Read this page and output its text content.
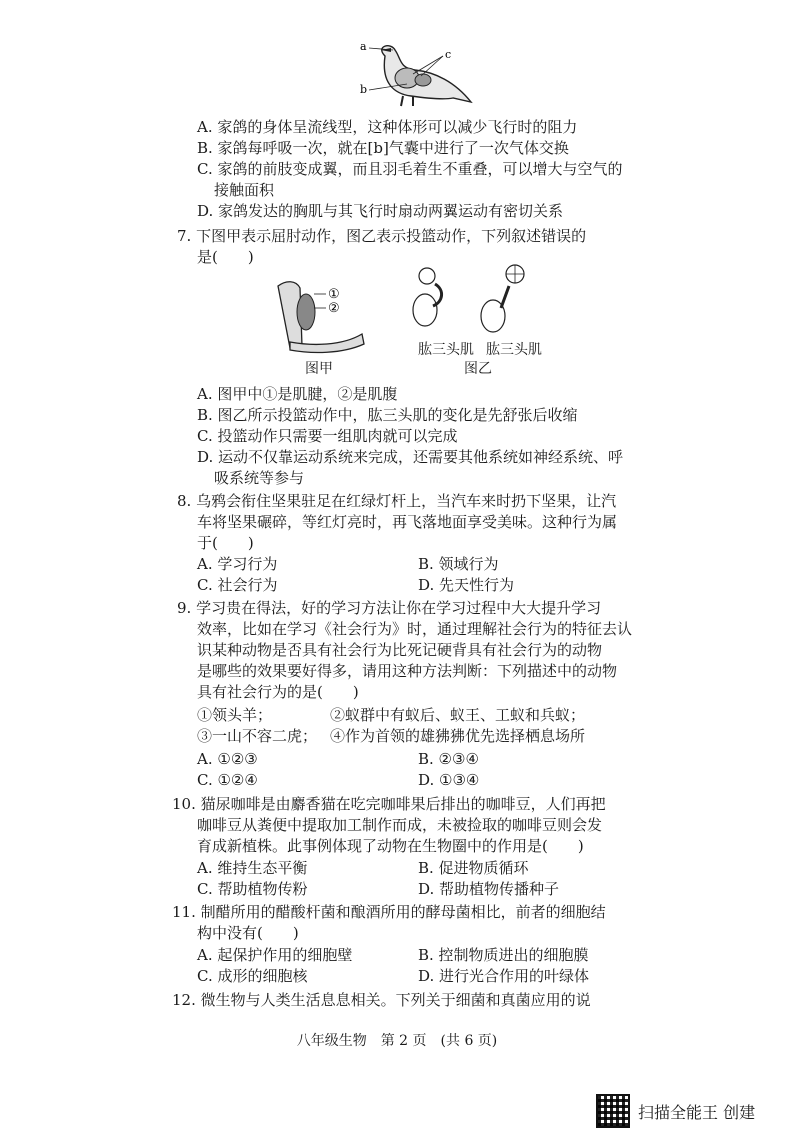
a
b
c
A. 家鸽的身体呈流线型，这种体形可以减少飞行时的阻力
B. 家鸽每呼吸一次，就在[b]气囊中进行了一次气体交换
C. 家鸽的前肢变成翼，而且羽毛着生不重叠，可以增大与空气的
接触面积
D. 家鸽发达的胸肌与其飞行时扇动两翼运动有密切关系
7. 下图甲表示屈肘动作，图乙表示投篮动作，下列叙述错误的
是(　　)
①
②
图甲
肱三头肌 肱三头肌
图乙
A. 图甲中①是肌腱，②是肌腹
B. 图乙所示投篮动作中，肱三头肌的变化是先舒张后收缩
C. 投篮动作只需要一组肌肉就可以完成
D. 运动不仅靠运动系统来完成，还需要其他系统如神经系统、呼
吸系统等参与
8. 乌鸦会衔住坚果驻足在红绿灯杆上，当汽车来时扔下坚果，让汽
车将坚果碾碎，等红灯亮时，再飞落地面享受美味。这种行为属
于(　　)
A. 学习行为	B. 领域行为
C. 社会行为	D. 先天性行为
9. 学习贵在得法，好的学习方法让你在学习过程中大大提升学习
效率，比如在学习《社会行为》时，通过理解社会行为的特征去认
识某种动物是否具有社会行为比死记硬背具有社会行为的动物
是哪些的效果要好得多，请用这种方法判断：下列描述中的动物
具有社会行为的是(　　)
①领头羊；	②蚁群中有蚁后、蚁王、工蚁和兵蚁；
③一山不容二虎； ④作为首领的雄狒狒优先选择栖息场所
A. ①②③	B. ②③④
C. ①②④	D. ①③④
10. 猫尿咖啡是由麝香猫在吃完咖啡果后排出的咖啡豆，人们再把
咖啡豆从粪便中提取加工制作而成，未被捡取的咖啡豆则会发
育成新植株。此事例体现了动物在生物圈中的作用是(　　)
A. 维持生态平衡	B. 促进物质循环
C. 帮助植物传粉	D. 帮助植物传播种子
11. 制醋所用的醋酸杆菌和酿酒所用的酵母菌相比，前者的细胞结
构中没有(　　)
A. 起保护作用的细胞壁	B. 控制物质进出的细胞膜
C. 成形的细胞核	D. 进行光合作用的叶绿体
12. 微生物与人类生活息息相关。下列关于细菌和真菌应用的说
八年级生物　第 2 页　(共 6 页)
扫描全能王 创建
